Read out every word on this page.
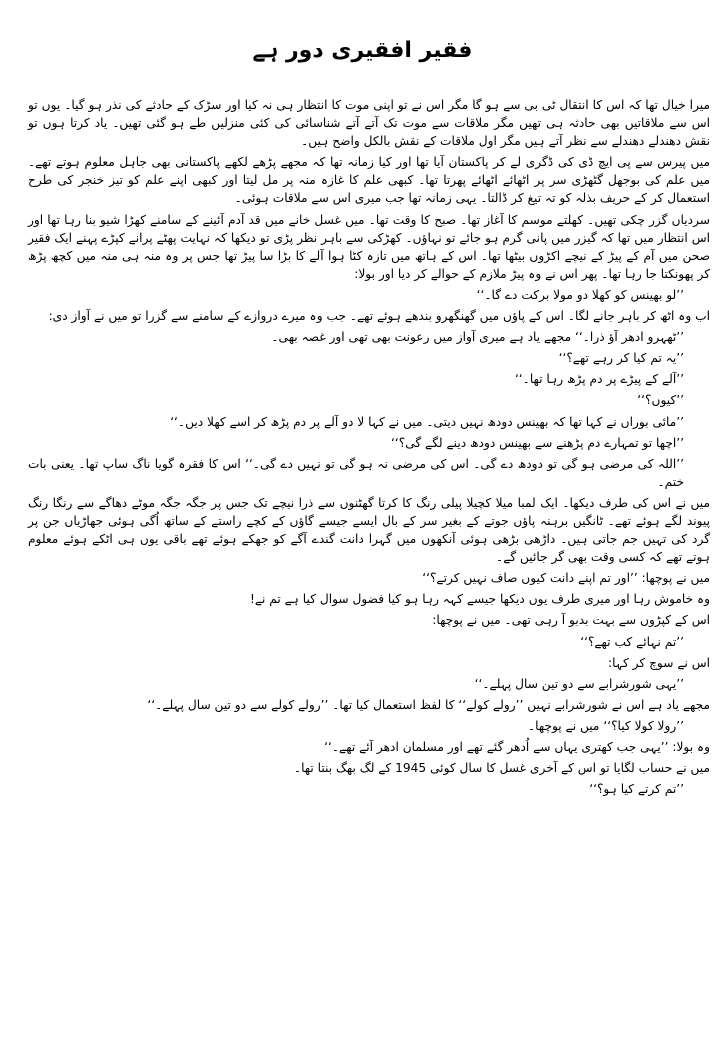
فقیر افقیری دور ہے

میرا خیال تھا کہ اس کا انتقال ٹی بی سے ہو گا مگر اس نے تو اپنی موت کا انتظار ہی نہ کیا اور سڑک کے حادثے کی نذر ہو گیا۔ یوں تو اس سے ملاقاتیں بھی حادثہ ہی تھیں مگر ملاقات سے موت تک آتے آتے شناسائی کی کئی منزلیں طے ہو گئی تھیں۔ یاد کرتا ہوں تو نقش دھندلے دھندلے سے نظر آتے ہیں مگر اول ملاقات کے نقش بالکل واضح ہیں۔

میں پیرس سے پی ایچ ڈی کی ڈگری لے کر پاکستان آیا تھا اور کیا زمانہ تھا کہ مجھے پڑھے لکھے پاکستانی بھی جاہل معلوم ہوتے تھے۔ میں علم کی بوجھل گٹھڑی سر پر اٹھائے اٹھائے پھرتا تھا۔ کبھی علم کا غازہ منہ پر مل لیتا اور کبھی اپنے علم کو تیز خنجر کی طرح استعمال کر کے حریف بذلہ کو تہ تیغ کر ڈالتا۔ یہی زمانہ تھا جب میری اس سے ملاقات ہوئی۔

سردیاں گزر چکی تھیں۔ کھلتے موسم کا آغاز تھا۔ صبح کا وقت تھا۔ میں غسل خانے میں قد آدم آئینے کے سامنے کھڑا شیو بنا رہا تھا اور اس انتظار میں تھا کہ گیزر میں پانی گرم ہو جائے تو نہاؤں۔ کھڑکی سے باہر نظر پڑی تو دیکھا کہ نہایت پھٹے پرانے کپڑے پہنے ایک فقیر صحن میں آم کے پیڑ کے نیچے اکڑوں بیٹھا تھا۔ اس کے ہاتھ میں تازہ کٹا ہوا آلے کا بڑا سا پیڑ تھا جس پر وہ منہ ہی منہ میں کچھ پڑھ کر پھونکتا جا رہا تھا۔ پھر اس نے وہ پیڑ ملازم کے حوالے کر دیا اور بولا:

’’لو بھینس کو کھلا دو مولا برکت دے گا۔‘‘

اب وہ اٹھ کر باہر جانے لگا۔ اس کے پاؤں میں گھنگھرو بندھے ہوئے تھے۔ جب وہ میرے دروازے کے سامنے سے گزرا تو میں نے آواز دی:

’’ٹھہرو ادھر آؤ ذرا۔‘‘ مجھے یاد ہے میری آواز میں رعونت بھی تھی اور غصہ بھی۔

’’یہ تم کیا کر رہے تھے؟‘‘

’’آلے کے پیڑے پر دم پڑھ رہا تھا۔‘‘

’’کیوں؟‘‘

’’مائی بوراں نے کہا تھا کہ بھینس دودھ نہیں دیتی۔ میں نے کہا لا دو آلے پر دم پڑھ کر اسے کھلا دیں۔‘‘

’’اچھا تو تمہارے دم پڑھنے سے بھینس دودھ دینے لگے گی؟‘‘

’’اللہ کی مرضی ہو گی تو دودھ دے گی۔ اس کی مرضی نہ ہو گی تو نہیں دے گی۔‘‘ اس کا فقرہ گویا ناگ ساپ تھا۔ یعنی بات ختم۔

میں نے اس کی طرف دیکھا۔ ایک لمبا میلا کچیلا پیلی رنگ کا کرتا گھٹنوں سے ذرا نیچے تک جس پر جگہ جگہ موٹے دھاگے سے رنگا رنگ پیوند لگے ہوئے تھے۔ ٹانگیں برہنہ پاؤں جوتے کے بغیر سر کے بال ایسے جیسے گاؤں کے کچے راستے کے ساتھ اُگی ہوئی جھاڑیاں جن پر گرد کی تہیں جم جاتی ہیں۔ داڑھی بڑھی ہوئی آنکھوں میں گہرا دانت گندے آگے کو جھکے ہوئے تھے باقی یوں ہی اٹکے ہوئے معلوم ہوتے تھے کہ کسی وقت بھی گر جائیں گے۔

میں نے پوچھا: ’’اور تم اپنے دانت کیوں صاف نہیں کرتے؟‘‘

وہ خاموش رہا اور میری طرف یوں دیکھا جیسے کہہ رہا ہو کیا فضول سوال کیا ہے تم نے!

اس کے کپڑوں سے بہت بدبو آ رہی تھی۔ میں نے پوچھا:

’’تم نہائے کب تھے؟‘‘

اس نے سوچ کر کہا:

’’یہی شورشرابے سے دو تین سال پہلے۔‘‘

مجھے یاد ہے اس نے شورشرابے نہیں ’’رولے کولے‘‘ کا لفظ استعمال کیا تھا۔ ’’رولے کولے سے دو تین سال پہلے۔‘‘

’’رولا کولا کیا؟‘‘ میں نے پوچھا۔

وہ بولا: ’’یہی جب کھتری یہاں سے اُدھر گئے تھے اور مسلمان ادھر آئے تھے۔‘‘

میں نے حساب لگایا تو اس کے آخری غسل کا سال کوئی 1945 کے لگ بھگ بنتا تھا۔

’’تم کرتے کیا ہو؟‘‘
